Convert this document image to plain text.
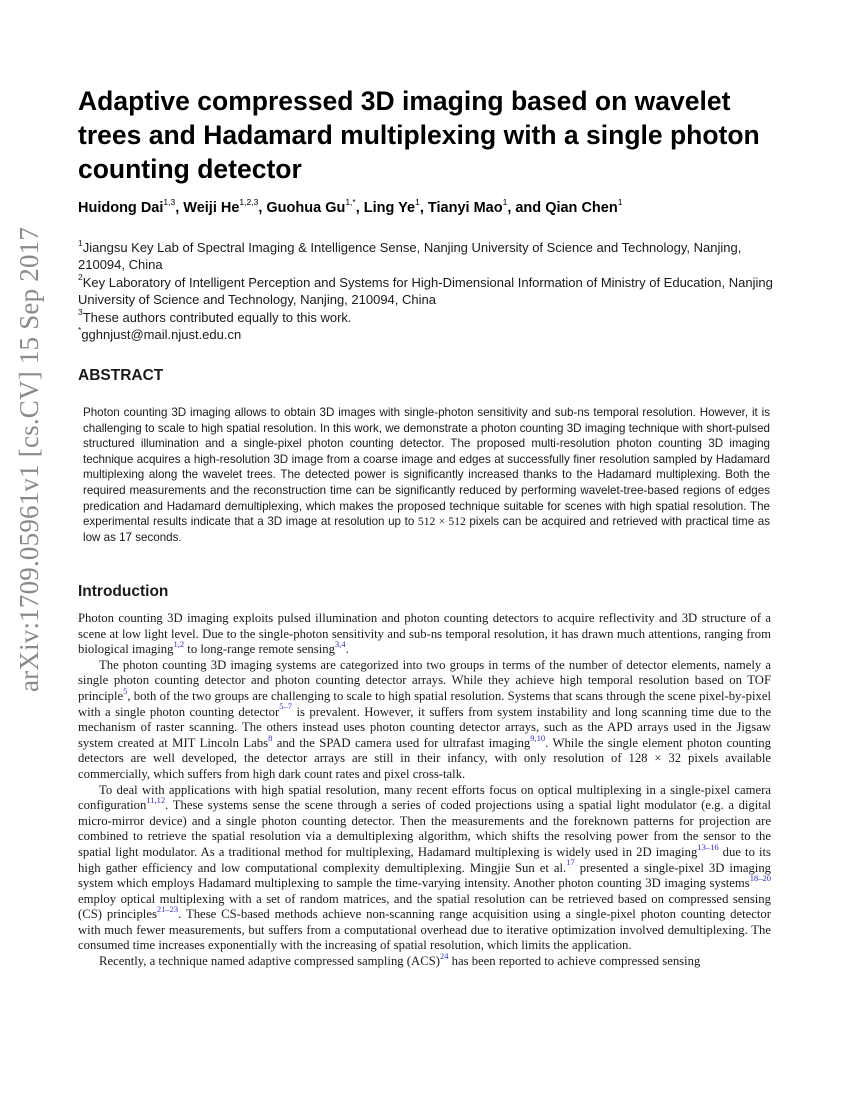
arXiv:1709.05961v1 [cs.CV] 15 Sep 2017
Adaptive compressed 3D imaging based on wavelet trees and Hadamard multiplexing with a single photon counting detector
Huidong Dai$^{1,3}$, Weiji He$^{1,2,3}$, Guohua $Gu^{1,*}$, Ling Ye$^1$, Tianyi Mao$^1$, and Qian Chen$^1$

$^1$Jiangsu Key Lab of Spectral Imaging & Intelligence Sense, Nanjing University of Science and Technology, Nanjing, 210094, China

$^2$Key Laboratory of Intelligent Perception and Systems for High-Dimensional Information of Ministry of Education, Nanjing University of Science and Technology, Nanjing, 210094, China

$^3$These authors contributed equally to this work.

*gghnjust@mail.njust.edu.cn

ABSTRACT

Photon counting 3D imaging allows to obtain 3D images with single-photon sensitivity and sub-ns temporal resolution. However, it is challenging to scale to high spatial resolution. In this work, we demonstrate a photon counting 3D imaging technique with short-pulsed structured illumination and a single-pixel photon counting detector. The proposed multi-resolution photon counting 3D imaging technique acquires a high-resolution 3D image from a coarse image and edges at successfully finer resolution sampled by Hadamard multiplexing along the wavelet trees. The detected power is significantly increased thanks to the Hadamard multiplexing. Both the required measurements and the reconstruction time can be significantly reduced by performing wavelet-tree-based regions of edges predication and Hadamard demultiplexing, which makes the proposed technique suitable for scenes with high spatial resolution. The experimental results indicate that a 3D image at resolution up to 512 × 512 pixels can be acquired and retrieved with practical time as low as 17 seconds.

Introduction

Photon counting 3D imaging exploits pulsed illumination and photon counting detectors to acquire reflectivity and 3D structure of a scene at low light level. Due to the single-photon sensitivity and sub-ns temporal resolution, it has drawn much attentions, ranging from biological imaging$^{1,2}$ to long-range remote sensing$^{3,4}$.

The photon counting 3D imaging systems are categorized into two groups in terms of the number of detector elements, namely a single photon counting detector and photon counting detector arrays. While they achieve high temporal resolution based on TOF principle$^5$, both of the two groups are challenging to scale to high spatial resolution. Systems that scans through the scene pixel-by-pixel with a single photon counting detector$^{5-7}$ is prevalent. However, it suffers from system instability and long scanning time due to the mechanism of raster scanning. The others instead uses photon counting detector arrays, such as the APD arrays used in the Jigsaw system created at MIT Lincoln Labs$^8$ and the SPAD camera used for ultrafast imaging$^{9,10}$. While the single element photon counting detectors are well developed, the detector arrays are still in their infancy, with only resolution of 128 × 32 pixels available commercially, which suffers from high dark count rates and pixel cross-talk.

To deal with applications with high spatial resolution, many recent efforts focus on optical multiplexing in a single-pixel camera configuration$^{11,12}$. These systems sense the scene through a series of coded projections using a spatial light modulator (e.g. a digital micro-mirror device) and a single photon counting detector. Then the measurements and the foreknown patterns for projection are combined to retrieve the spatial resolution via a demultiplexing algorithm, which shifts the resolving power from the sensor to the spatial light modulator. As a traditional method for multiplexing, Hadamard multiplexing is widely used in 2D imaging$^{13-16}$ due to its high gather efficiency and low computational complexity demultiplexing. Mingjie Sun et al.$^{17}$ presented a single-pixel 3D imaging system which employs Hadamard multiplexing to sample the time-varying intensity. Another photon counting 3D imaging systems$^{18-20}$ employ optical multiplexing with a set of random matrices, and the spatial resolution can be retrieved based on compressed sensing (CS) principles$^{21-23}$. These CS-based methods achieve non-scanning range acquisition using a single-pixel photon counting detector with much fewer measurements, but suffers from a computational overhead due to iterative optimization involved demultiplexing. The consumed time increases exponentially with the increasing of spatial resolution, which limits the application.

Recently, a technique named adaptive compressed sampling (ACS)$^{24}$ has been reported to achieve compressed sensing
